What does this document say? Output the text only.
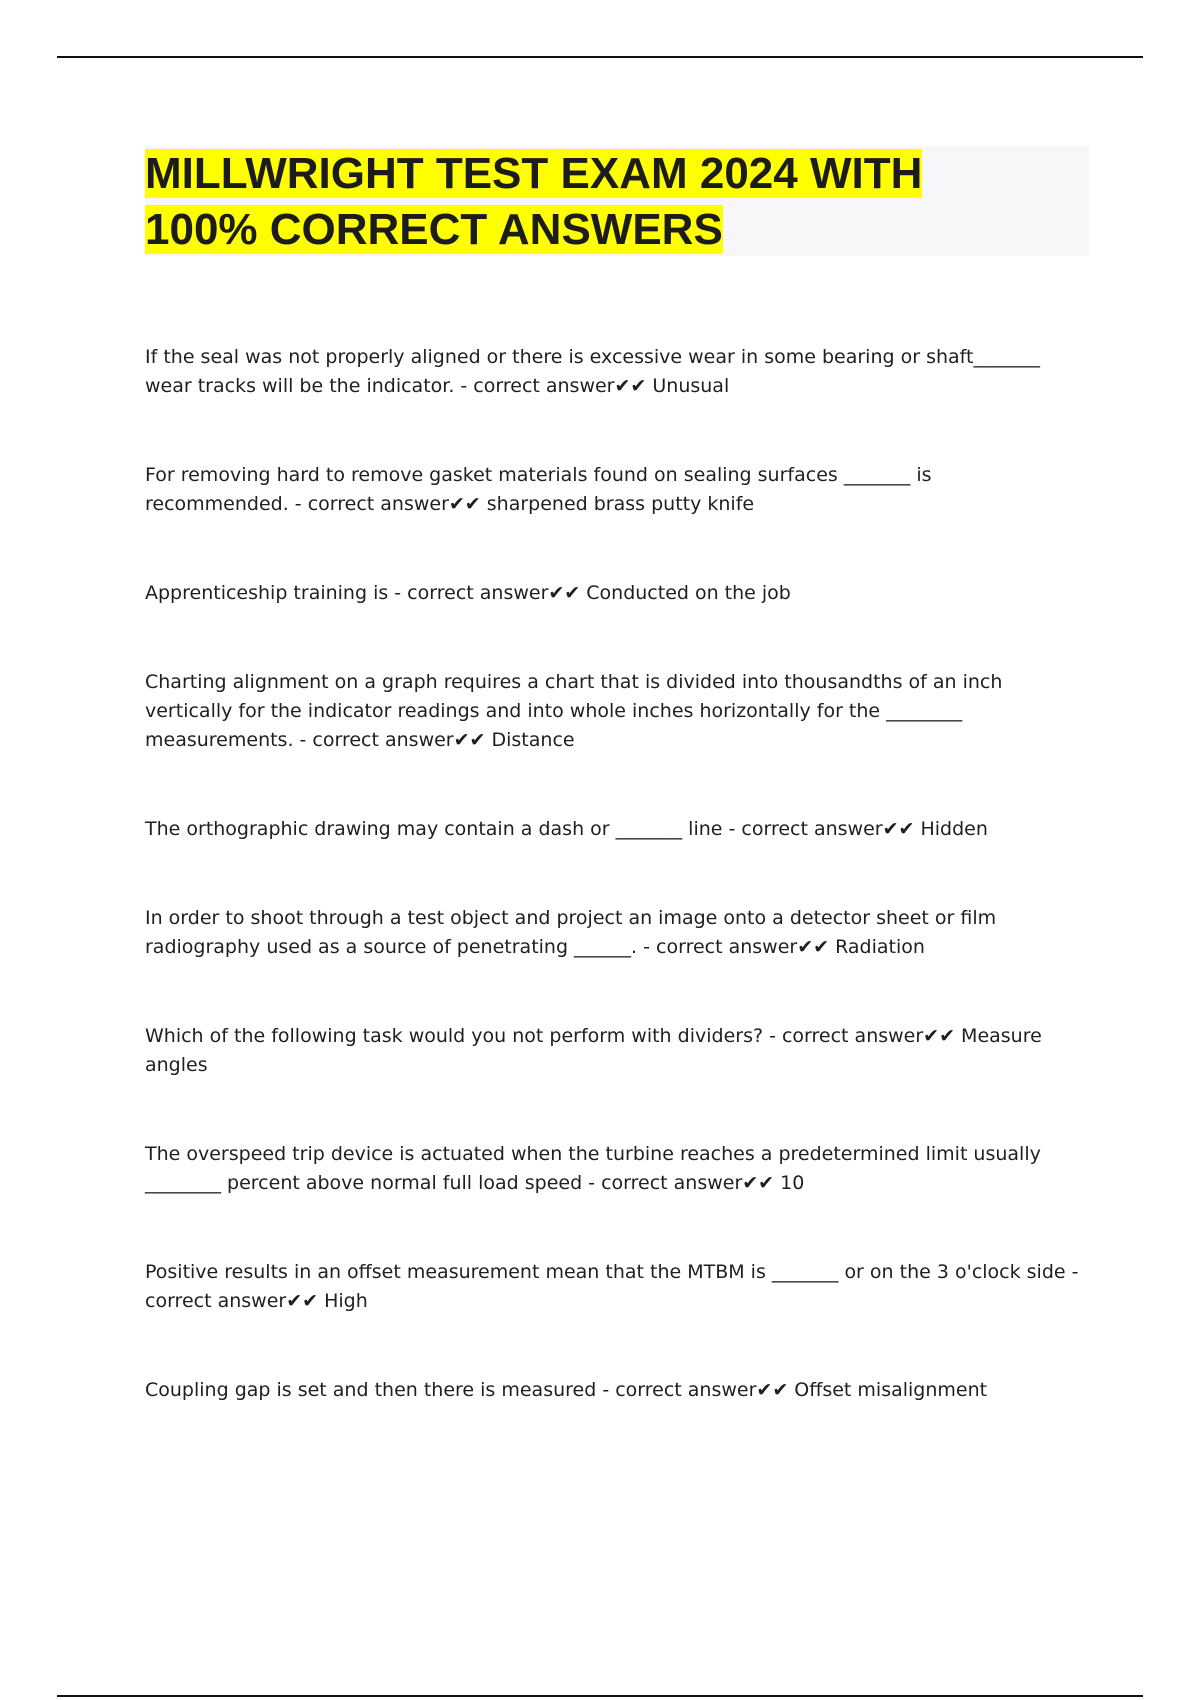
MILLWRIGHT TEST EXAM 2024 WITH
100% CORRECT ANSWERS
If the seal was not properly aligned or there is excessive wear in some bearing or shaft_______ wear tracks will be the indicator. - correct answer✔✔ Unusual
For removing hard to remove gasket materials found on sealing surfaces _______ is recommended. - correct answer✔✔ sharpened brass putty knife
Apprenticeship training is - correct answer✔✔ Conducted on the job
Charting alignment on a graph requires a chart that is divided into thousandths of an inch vertically for the indicator readings and into whole inches horizontally for the ________ measurements. - correct answer✔✔ Distance
The orthographic drawing may contain a dash or _______ line - correct answer✔✔ Hidden
In order to shoot through a test object and project an image onto a detector sheet or film radiography used as a source of penetrating ______. - correct answer✔✔ Radiation
Which of the following task would you not perform with dividers? - correct answer✔✔ Measure angles
The overspeed trip device is actuated when the turbine reaches a predetermined limit usually ________ percent above normal full load speed - correct answer✔✔ 10
Positive results in an offset measurement mean that the MTBM is _______ or on the 3 o'clock side - correct answer✔✔ High
Coupling gap is set and then there is measured - correct answer✔✔ Offset misalignment
